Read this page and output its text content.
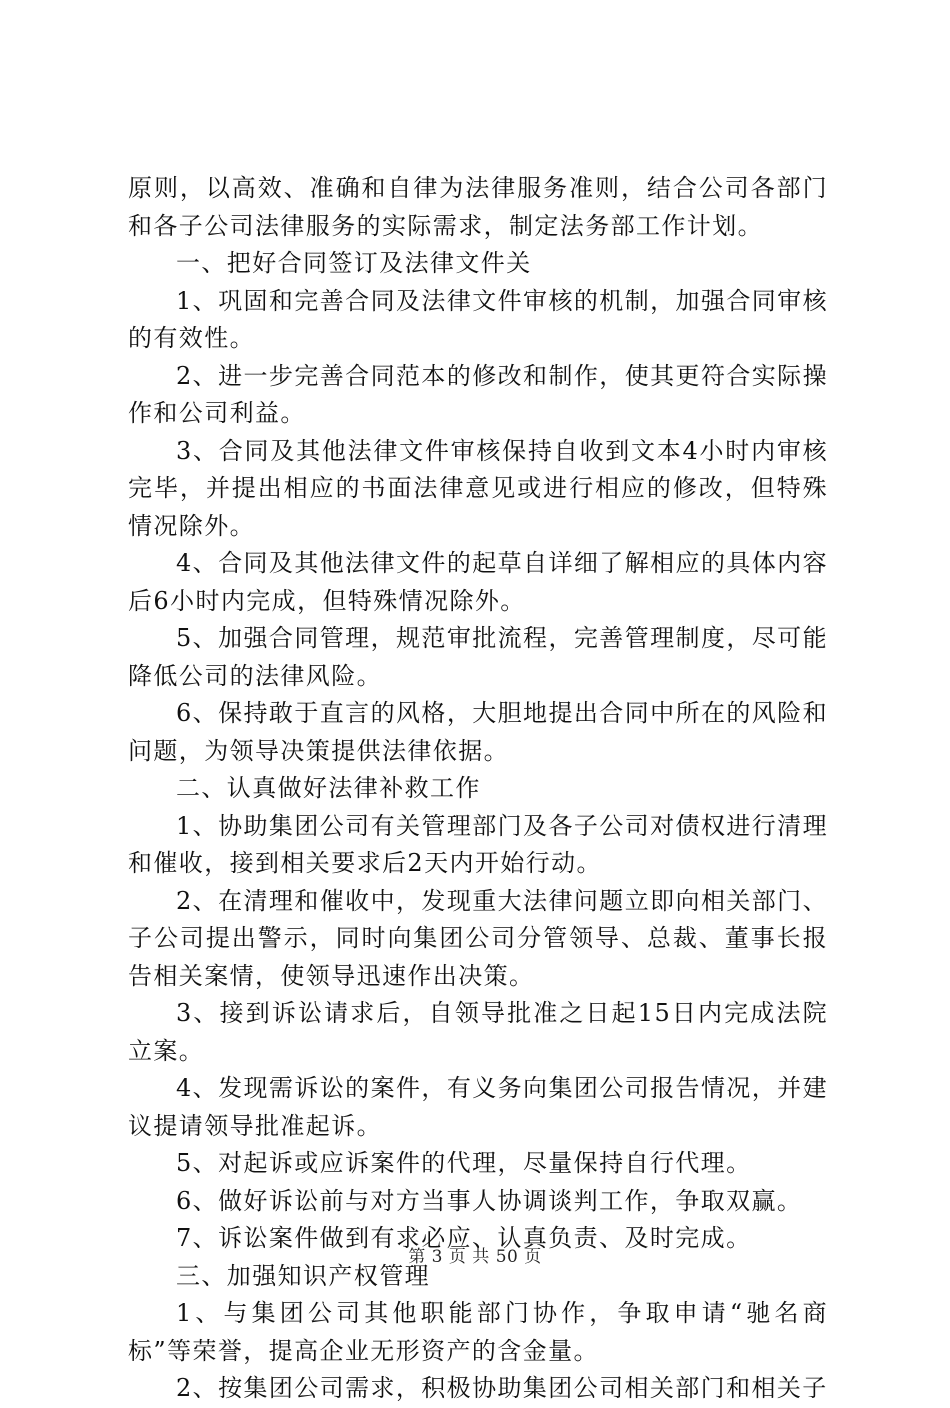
原则，以高效、准确和自律为法律服务准则，结合公司各部门和各子公司法律服务的实际需求，制定法务部工作计划。

一、把好合同签订及法律文件关

1、巩固和完善合同及法律文件审核的机制，加强合同审核的有效性。

2、进一步完善合同范本的修改和制作，使其更符合实际操作和公司利益。

3、合同及其他法律文件审核保持自收到文本4小时内审核完毕，并提出相应的书面法律意见或进行相应的修改，但特殊情况除外。

4、合同及其他法律文件的起草自详细了解相应的具体内容后6小时内完成，但特殊情况除外。

5、加强合同管理，规范审批流程，完善管理制度，尽可能降低公司的法律风险。

6、保持敢于直言的风格，大胆地提出合同中所在的风险和问题，为领导决策提供法律依据。

二、认真做好法律补救工作

1、协助集团公司有关管理部门及各子公司对债权进行清理和催收，接到相关要求后2天内开始行动。

2、在清理和催收中，发现重大法律问题立即向相关部门、子公司提出警示，同时向集团公司分管领导、总裁、董事长报告相关案情，使领导迅速作出决策。

3、接到诉讼请求后，自领导批准之日起15日内完成法院立案。

4、发现需诉讼的案件，有义务向集团公司报告情况，并建议提请领导批准起诉。

5、对起诉或应诉案件的代理，尽量保持自行代理。

6、做好诉讼前与对方当事人协调谈判工作，争取双赢。

7、诉讼案件做到有求必应、认真负责、及时完成。

三、加强知识产权管理

1、与集团公司其他职能部门协作，争取申请“驰名商标”等荣誉，提高企业无形资产的含金量。

2、按集团公司需求，积极协助集团公司相关部门和相关子

第 3 页 共 50 页
